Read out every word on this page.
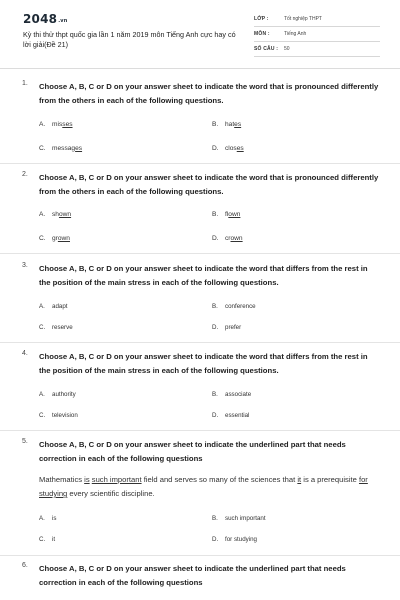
2048.vn
Kỳ thi thử thpt quốc gia lần 1 năm 2019 môn Tiếng Anh cực hay có lời giải(Đề 21)
LỚP :	Tốt nghiệp THPT
MÔN :	Tiếng Anh
SỐ CÂU : 50
1. Choose A, B, C or D on your answer sheet to indicate the word that is pronounced differently from the others in each of the following questions.
A. misses	B. hates
C. messages	D. closes
2. Choose A, B, C or D on your answer sheet to indicate the word that is pronounced differently from the others in each of the following questions.
A. shown	B. flown
C. grown	D. crown
3. Choose A, B, C or D on your answer sheet to indicate the word that differs from the rest in the position of the main stress in each of the following questions.
A. adapt	B. conference
C. reserve	D. prefer
4. Choose A, B, C or D on your answer sheet to indicate the word that differs from the rest in the position of the main stress in each of the following questions.
A. authority	B. associate
C. television	D. essential
5. Choose A, B, C or D on your answer sheet to indicate the underlined part that needs correction in each of the following questions
Mathematics is such important field and serves so many of the sciences that it is a prerequisite for studying every scientific discipline.
A. is	B. such important
C. it	D. for studying
6. Choose A, B, C or D on your answer sheet to indicate the underlined part that needs correction in each of the following questions
